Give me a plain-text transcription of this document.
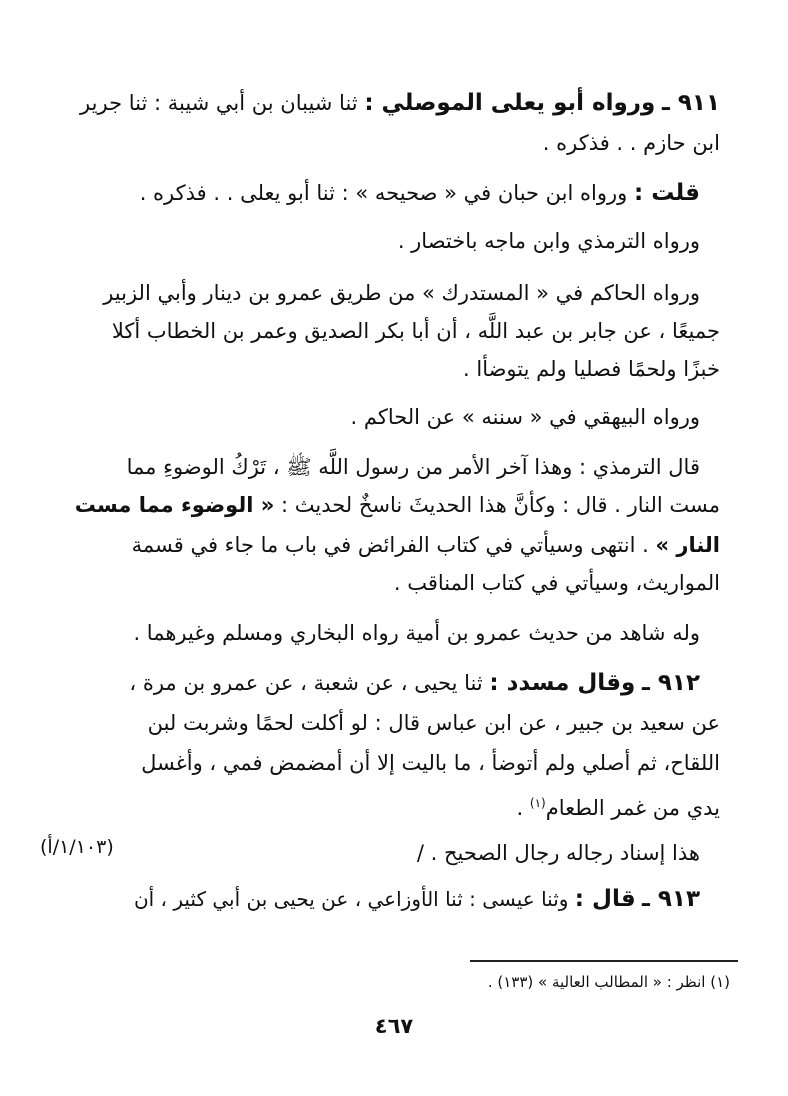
٩١١ ـ ورواه أبو يعلى الموصلي : ثنا شيبان بن أبي شيبة : ثنا جرير
ابن حازم . . فذكره .
قلت : ورواه ابن حبان في « صحيحه » : ثنا أبو يعلى . . فذكره .
ورواه الترمذي وابن ماجه باختصار .
ورواه الحاكم في « المستدرك » من طريق عمرو بن دينار وأبي الزبير
جميعًا ، عن جابر بن عبد اللَّه ، أن أبا بكر الصديق وعمر بن الخطاب أكلا
خبزًا ولحمًا فصليا ولم يتوضأا .
ورواه البيهقي في « سننه » عن الحاكم .
قال الترمذي : وهذا آخر الأمر من رسول اللَّه ﷺ ، تَرْكُ الوضوءِ مما
مست النار . قال : وكأنَّ هذا الحديثَ ناسخٌ لحديث : « الوضوء مما مست
النار » . انتهى وسيأتي في كتاب الفرائض في باب ما جاء في قسمة
المواريث، وسيأتي في كتاب المناقب .
وله شاهد من حديث عمرو بن أمية رواه البخاري ومسلم وغيرهما .
٩١٢ ـ وقال مسدد : ثنا يحيى ، عن شعبة ، عن عمرو بن مرة ،
عن سعيد بن جبير ، عن ابن عباس قال : لو أكلت لحمًا وشربت لبن
اللقاح، ثم أصلي ولم أتوضأ ، ما باليت إلا أن أمضمض فمي ، وأغسل
يدي من غمر الطعام$^{(١)}$ .
هذا إسناد رجاله رجال الصحيح . /
(١/١٠٣/أ)
٩١٣ ـ قال : وثنا عيسى : ثنا الأوزاعي ، عن يحيى بن أبي كثير ، أن
(١) انظر : « المطالب العالية » (١٣٣) .
٤٦٧
